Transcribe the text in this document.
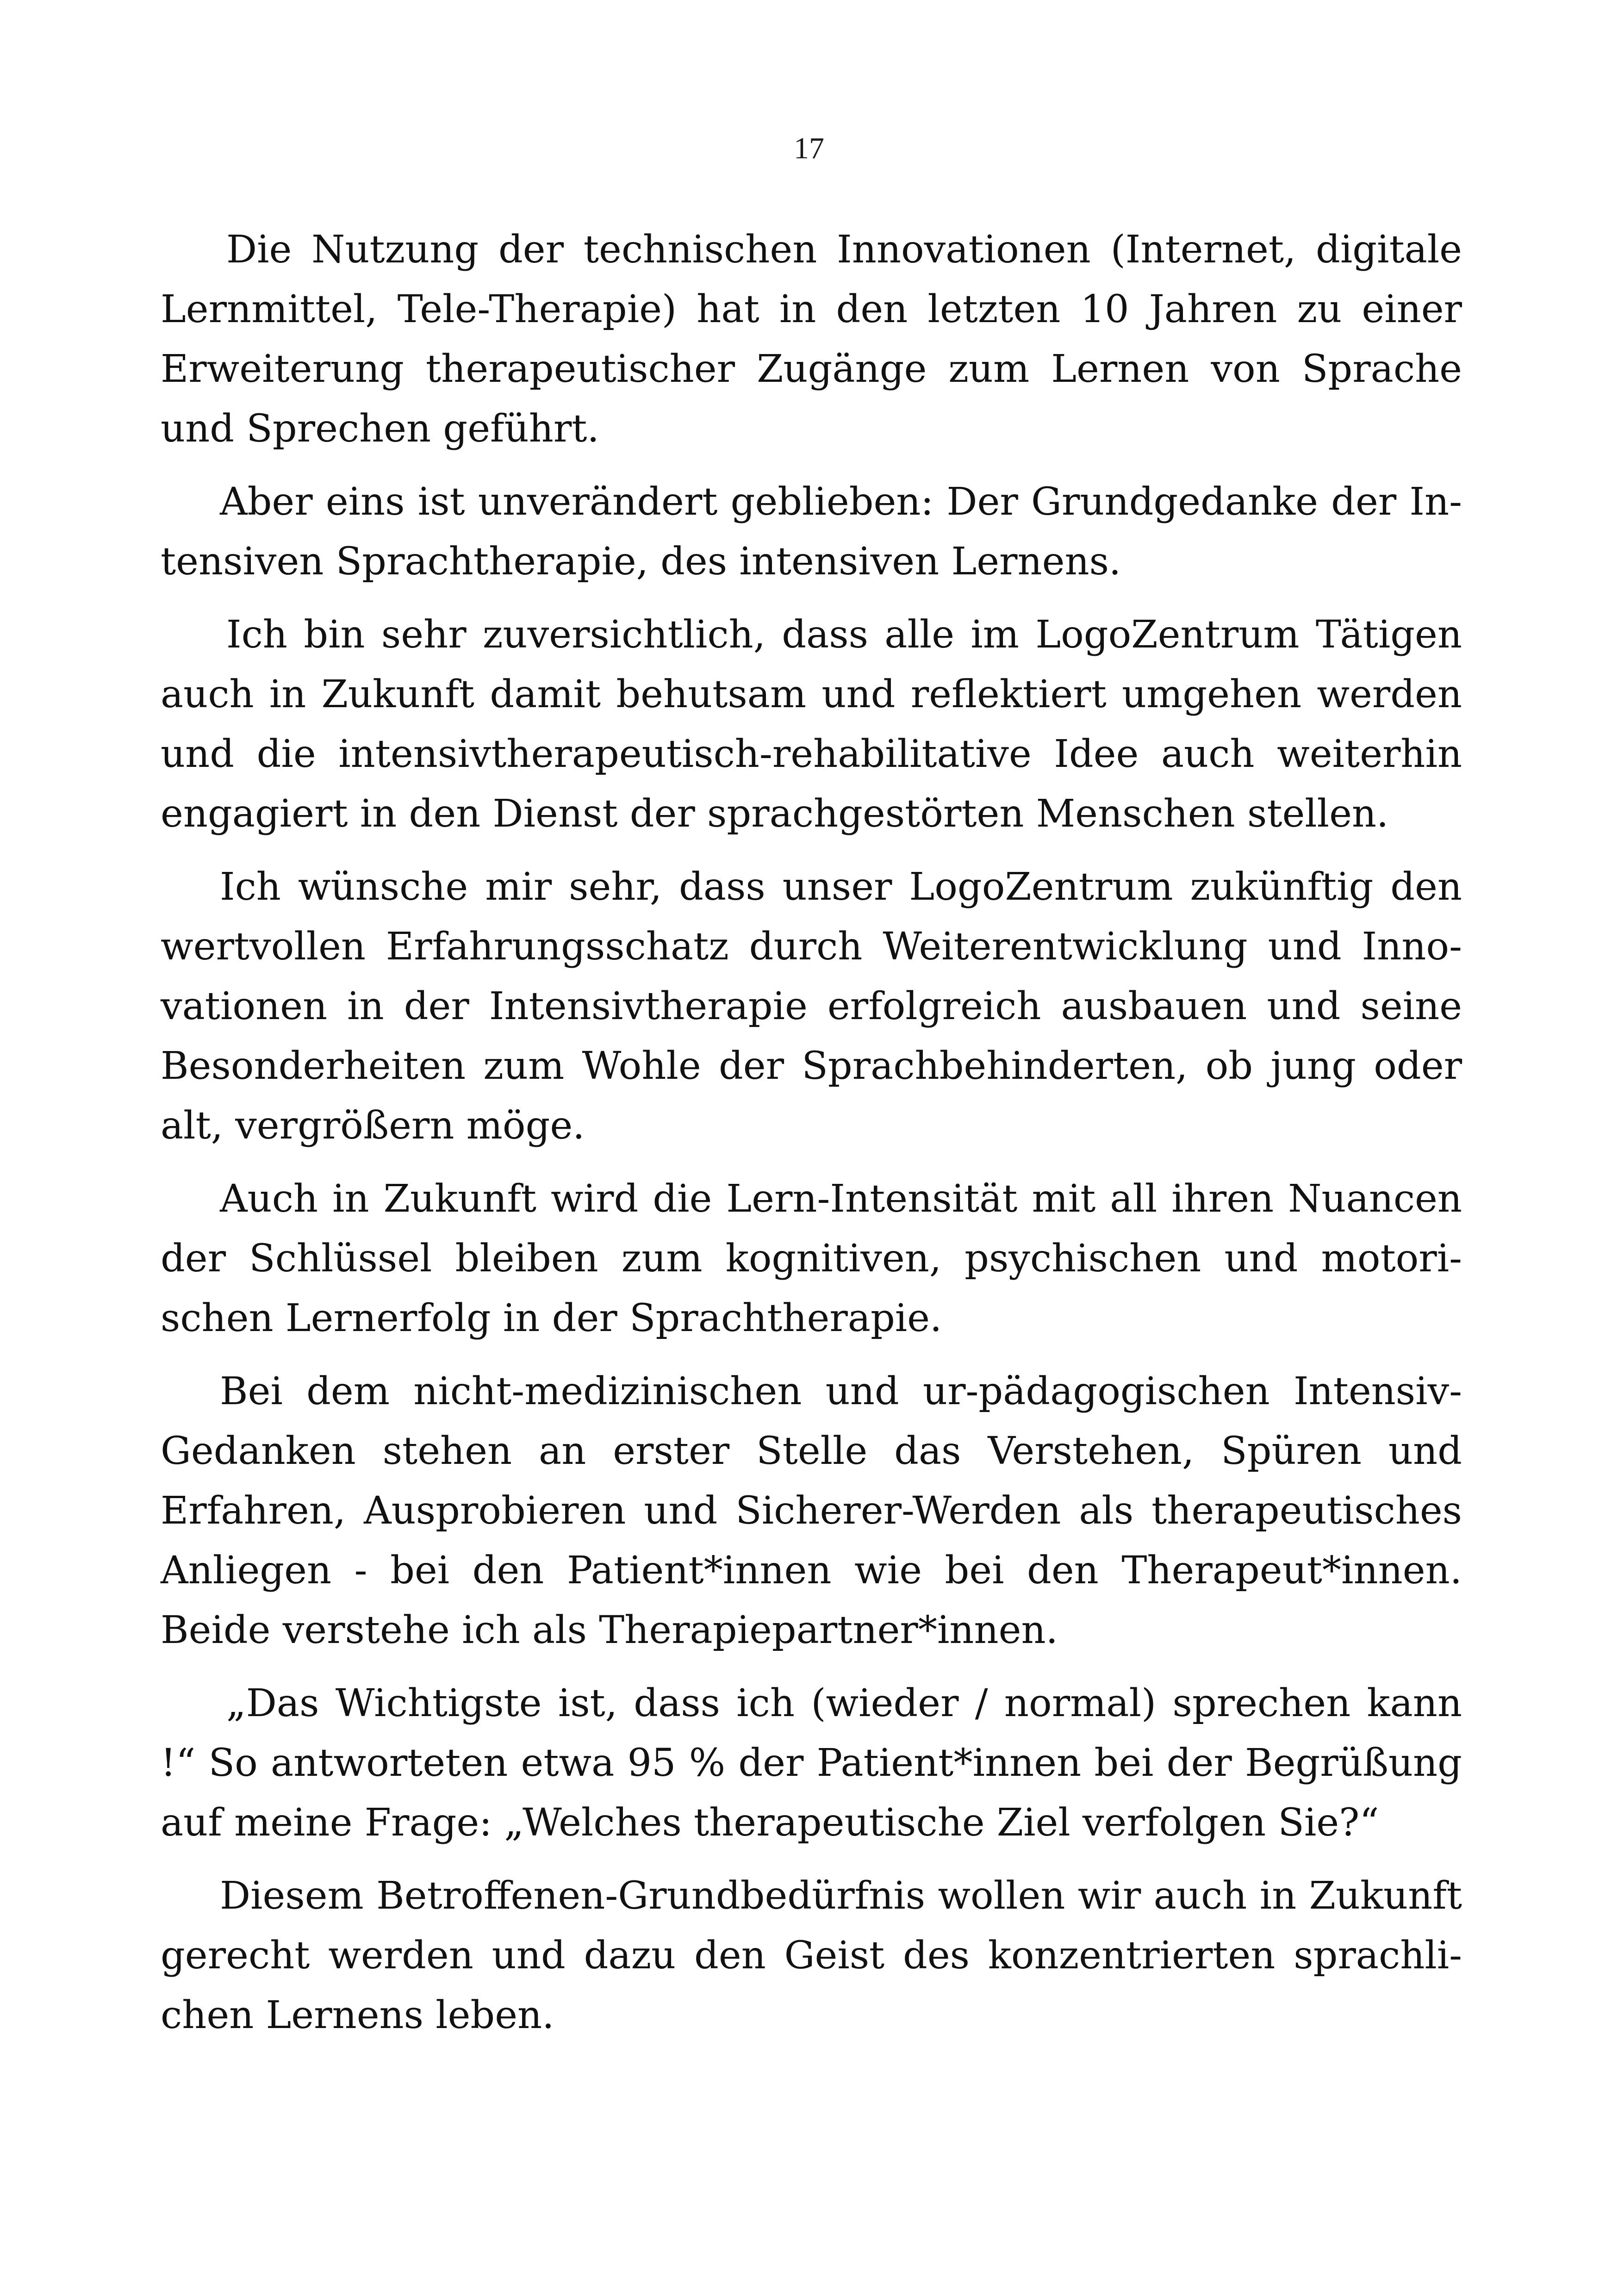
17

Die Nutzung der technischen Innovationen (Internet, digitale Lernmittel, Tele-Therapie) hat in den letzten 10 Jahren zu einer Erweiterung therapeutischer Zugänge zum Lernen von Sprache und Sprechen geführt.

Aber eins ist unverändert geblieben: Der Grundgedanke der Intensiven Sprachtherapie, des intensiven Lernens.

Ich bin sehr zuversichtlich, dass alle im LogoZentrum Tätigen auch in Zukunft damit behutsam und reflektiert umgehen werden und die intensivtherapeutisch-rehabilitative Idee auch weiterhin engagiert in den Dienst der sprachgestörten Menschen stellen.

Ich wünsche mir sehr, dass unser LogoZentrum zukünftig den wertvollen Erfahrungsschatz durch Weiterentwicklung und Innovationen in der Intensivtherapie erfolgreich ausbauen und seine Besonderheiten zum Wohle der Sprachbehinderten, ob jung oder alt, vergrößern möge.

Auch in Zukunft wird die Lern-Intensität mit all ihren Nuancen der Schlüssel bleiben zum kognitiven, psychischen und motorischen Lernerfolg in der Sprachtherapie.

Bei dem nicht-medizinischen und ur-pädagogischen Intensiv-Gedanken stehen an erster Stelle das Verstehen, Spüren und Erfahren, Ausprobieren und Sicherer-Werden als therapeutisches Anliegen - bei den Patient*innen wie bei den Therapeut*innen. Beide verstehe ich als Therapiepartner*innen.

„Das Wichtigste ist, dass ich (wieder / normal) sprechen kann !“ So antworteten etwa 95 % der Patient*innen bei der Begrüßung auf meine Frage: „Welches therapeutische Ziel verfolgen Sie?“

Diesem Betroffenen-Grundbedürfnis wollen wir auch in Zukunft gerecht werden und dazu den Geist des konzentrierten sprachlichen Lernens leben.
